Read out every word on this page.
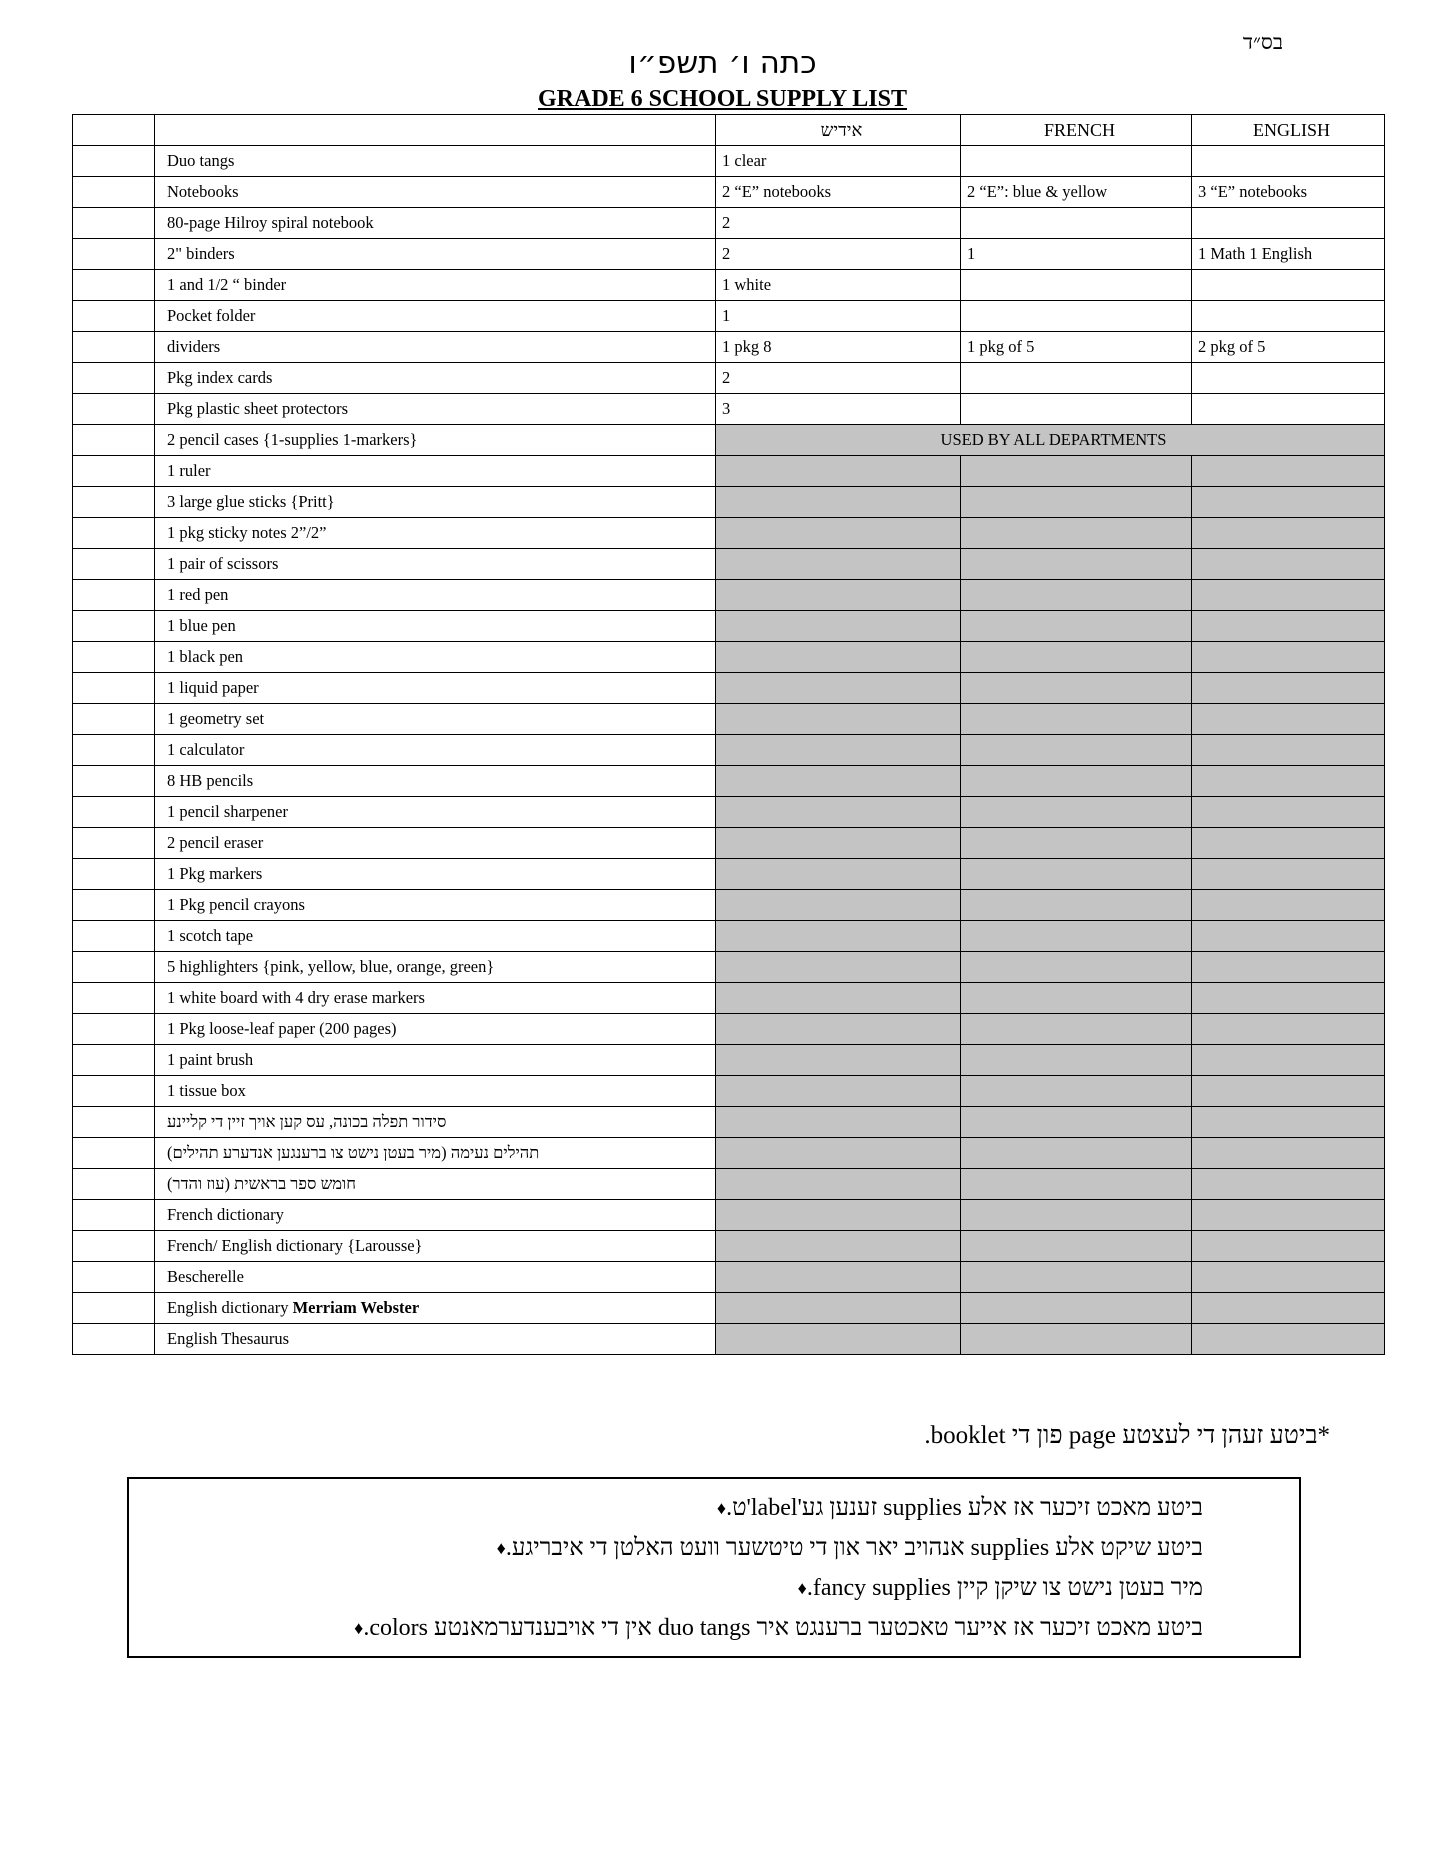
בס״ד
כתה ו׳ תשפ״ו
GRADE 6 SCHOOL SUPPLY LIST
		אידיש	FRENCH	ENGLISH
	Duo tangs	1 clear		
	Notebooks	2 “E” notebooks	2 “E”: blue & yellow	3 “E” notebooks
	80-page Hilroy spiral notebook	2		
	2" binders	2	1	1 Math 1 English
	1 and 1/2 “ binder	1 white		
	Pocket folder	1		
	dividers	1 pkg 8	1 pkg of 5	2 pkg of 5
	Pkg index cards	2		
	Pkg plastic sheet protectors	3		
	2 pencil cases {1-supplies 1-markers}	USED BY ALL DEPARTMENTS		
	1 ruler			
	3 large glue sticks {Pritt}			
	1 pkg sticky notes 2”/2”			
	1 pair of scissors			
	1 red pen			
	1 blue pen			
	1 black pen			
	1 liquid paper			
	1 geometry set			
	1 calculator			
	8 HB pencils			
	1 pencil sharpener			
	2 pencil eraser			
	1 Pkg markers			
	1 Pkg pencil crayons			
	1 scotch tape			
	5 highlighters {pink, yellow, blue, orange, green}			
	1 white board with 4 dry erase markers			
	1 Pkg loose-leaf paper (200 pages)			
	1 paint brush			
	1 tissue box			
	סידור תפלה בכונה, עס קען אויך זיין די קליינע			
	תהילים נעימה (מיר בעטן נישט צו ברענגען אנדערע תהילים)			
	חומש ספר בראשית (עוז והדר)			
	French dictionary			
	French/ English dictionary {Larousse}			
	Bescherelle			
	English dictionary Merriam Webster			
	English Thesaurus			
*ביטע זעהן די לעצטע page פון די booklet.
♦ ביטע מאכט זיכער אז אלע supplies זענען גע'label'ט.
♦ ביטע שיקט אלע supplies אנהויב יאר און די טיטשער וועט האלטן די איבריגע.
♦ מיר בעטן נישט צו שיקן קיין fancy supplies.
♦ ביטע מאכט זיכער אז אייער טאכטער ברענגט איר duo tangs אין די אויבענדערמאנטע colors.
